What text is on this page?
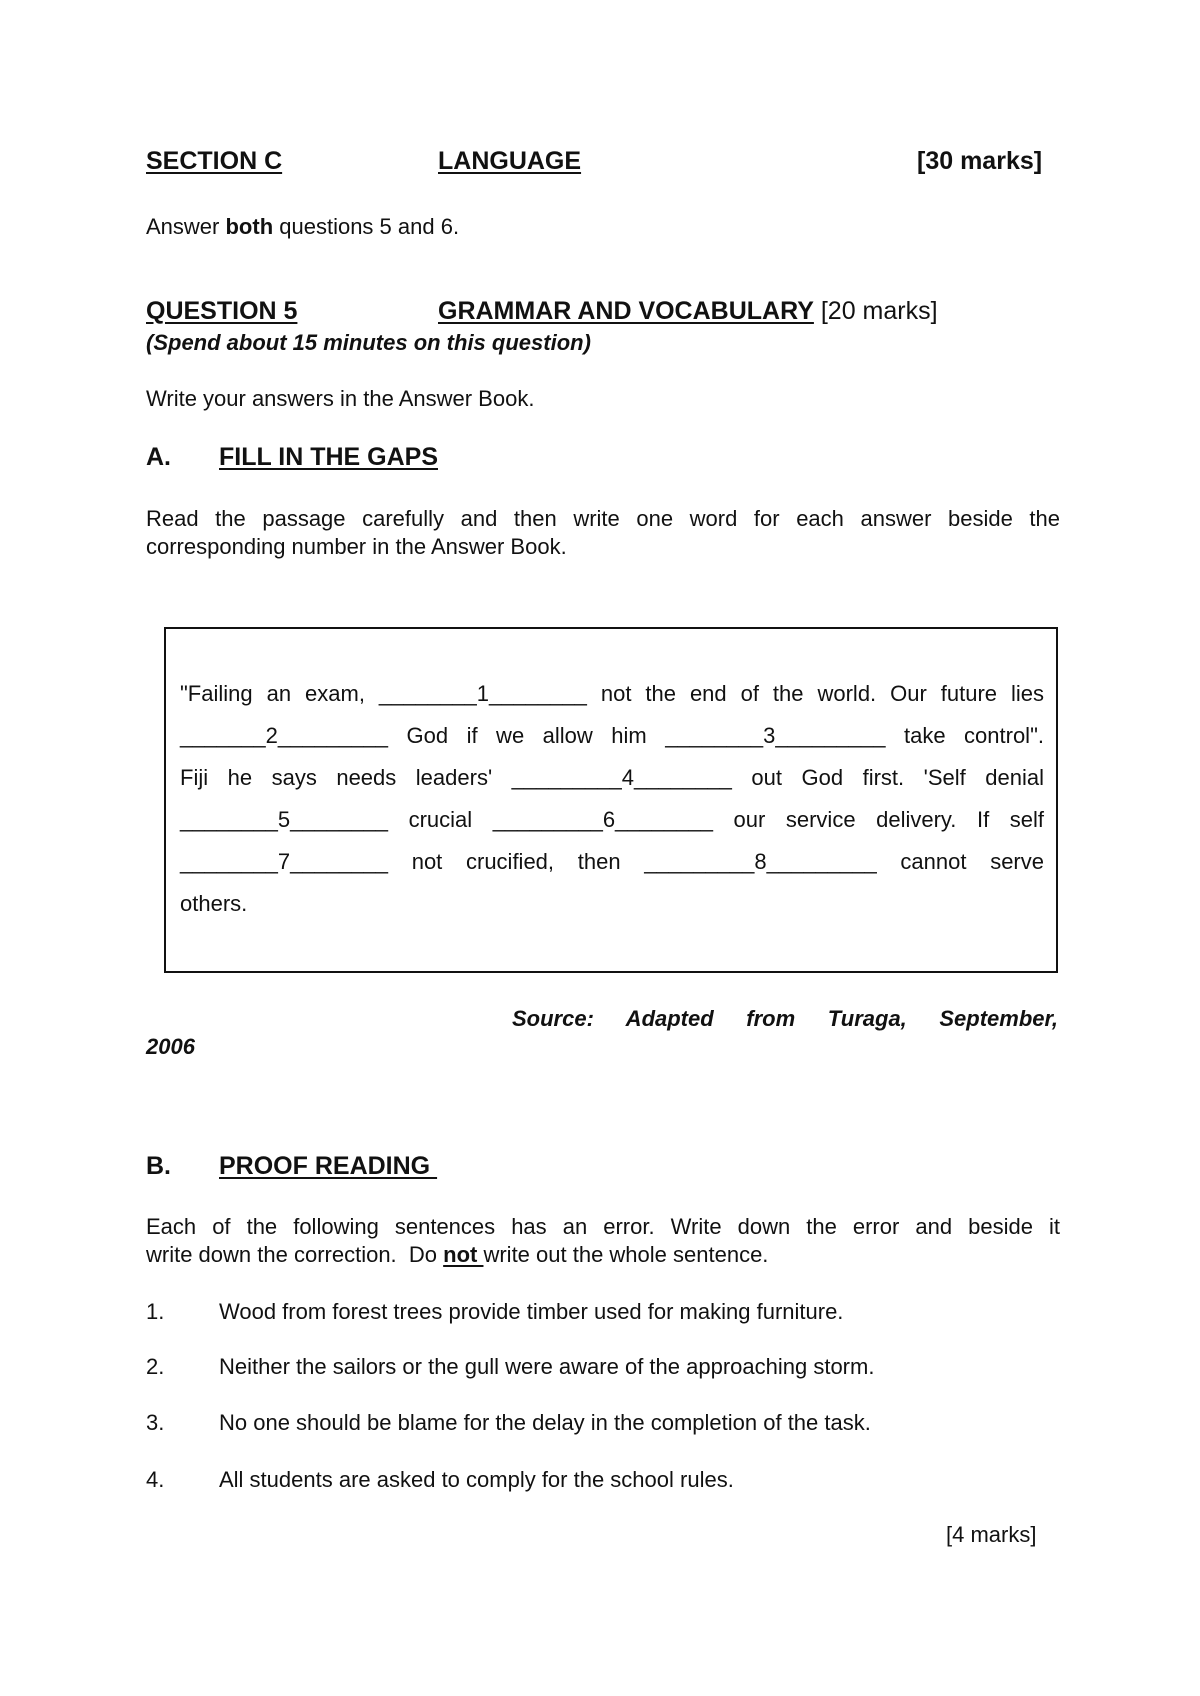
SECTION C	LANGUAGE	[30 marks]
Answer both questions 5 and 6.
QUESTION 5	GRAMMAR AND VOCABULARY [20 marks]
(Spend about 15 minutes on this question)
Write your answers in the Answer Book.
A. FILL IN THE GAPS
Read the passage carefully and then write one word for each answer beside the corresponding number in the Answer Book.
"Failing an exam, ________1________ not the end of the world. Our future lies
_______2_________ God if we allow him ________3_________ take control".
Fiji he says needs leaders' _________4________ out God first. 'Self denial
________5________ crucial _________6________ our service delivery. If self
________7________ not crucified, then _________8_________ cannot serve
others.
Source: Adapted from Turaga, September,
2006
B. PROOF READING
Each of the following sentences has an error. Write down the error and beside it
write down the correction.  Do not write out the whole sentence.
1. Wood from forest trees provide timber used for making furniture.
2. Neither the sailors or the gull were aware of the approaching storm.
3. No one should be blame for the delay in the completion of the task.
4. All students are asked to comply for the school rules.
[4 marks]
